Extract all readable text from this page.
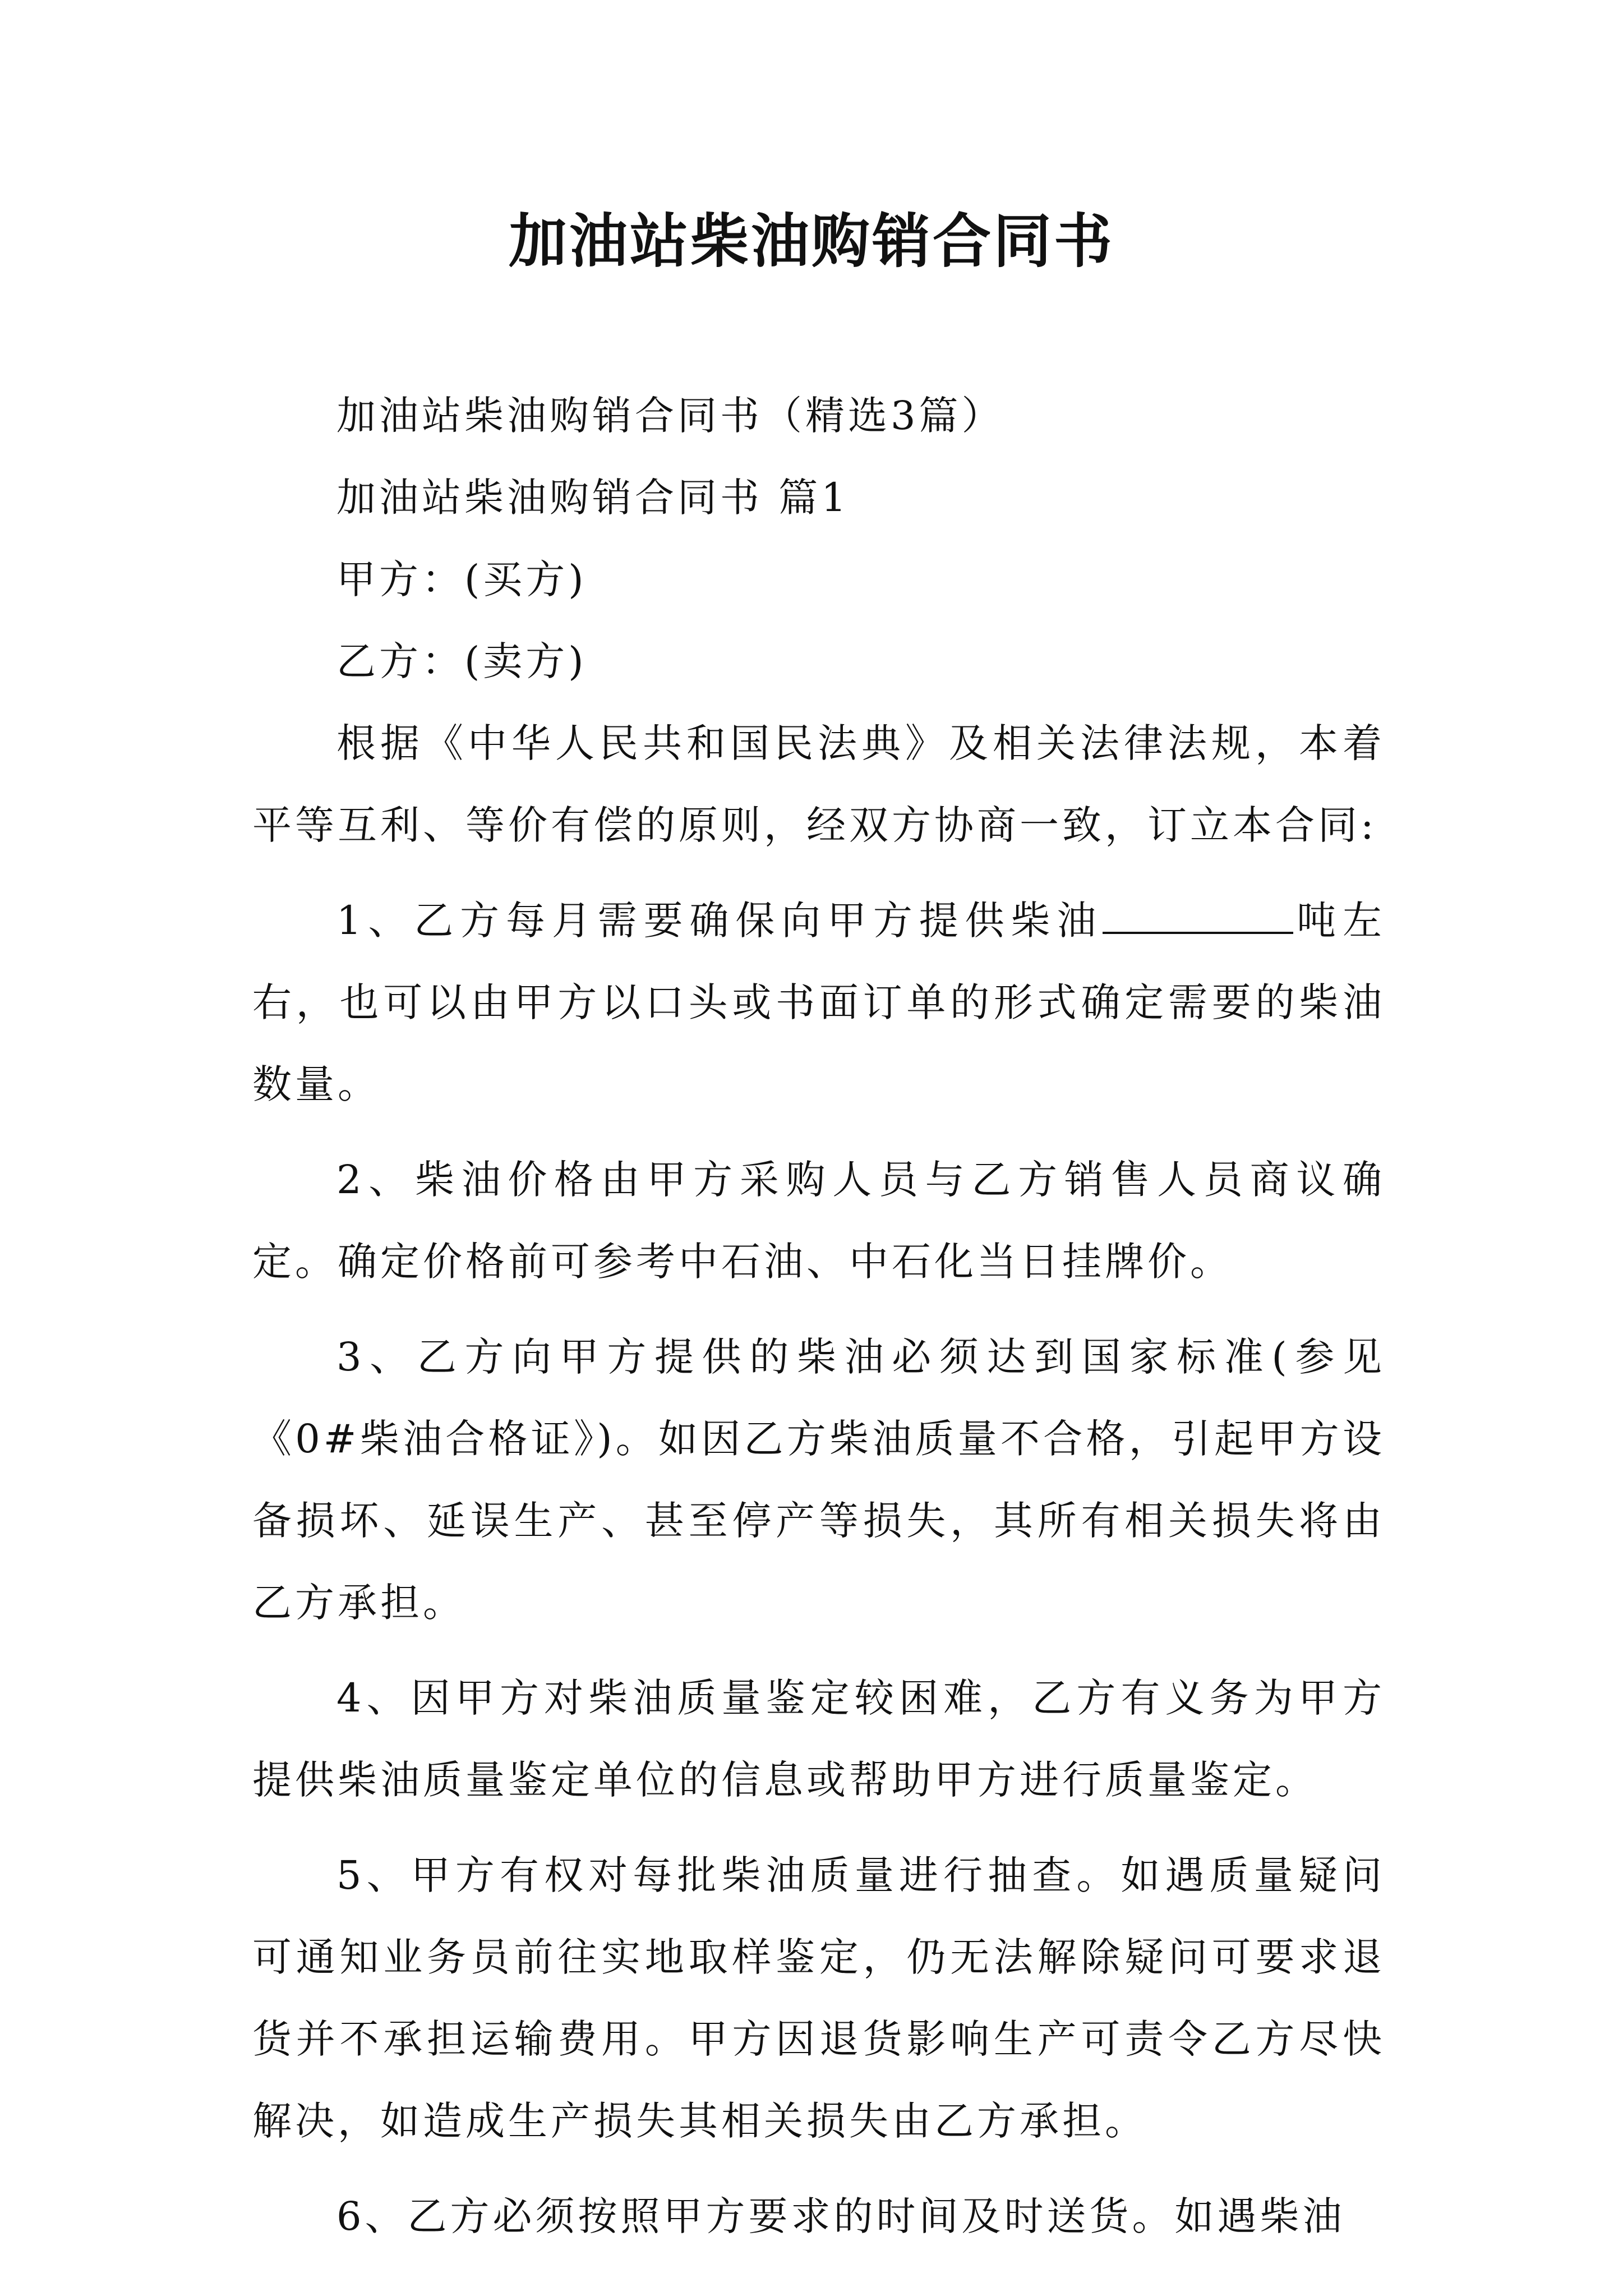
加油站柴油购销合同书

加油站柴油购销合同书（精选3篇）

加油站柴油购销合同书 篇1

甲方：(买方)

乙方：(卖方)

根据《中华人民共和国民法典》及相关法律法规，本着平等互利、等价有偿的原则，经双方协商一致，订立本合同:

1、乙方每月需要确保向甲方提供柴油	吨左右，也可以由甲方以口头或书面订单的形式确定需要的柴油数量。

2、柴油价格由甲方采购人员与乙方销售人员商议确定。确定价格前可参考中石油、中石化当日挂牌价。

3、乙方向甲方提供的柴油必须达到国家标准(参见《0#柴油合格证》)。如因乙方柴油质量不合格，引起甲方设备损坏、延误生产、甚至停产等损失，其所有相关损失将由乙方承担。

4、因甲方对柴油质量鉴定较困难，乙方有义务为甲方提供柴油质量鉴定单位的信息或帮助甲方进行质量鉴定。

5、甲方有权对每批柴油质量进行抽查。如遇质量疑问可通知业务员前往实地取样鉴定，仍无法解除疑问可要求退货并不承担运输费用。甲方因退货影响生产可责令乙方尽快解决，如造成生产损失其相关损失由乙方承担。

6、乙方必须按照甲方要求的时间及时送货。如遇柴油
